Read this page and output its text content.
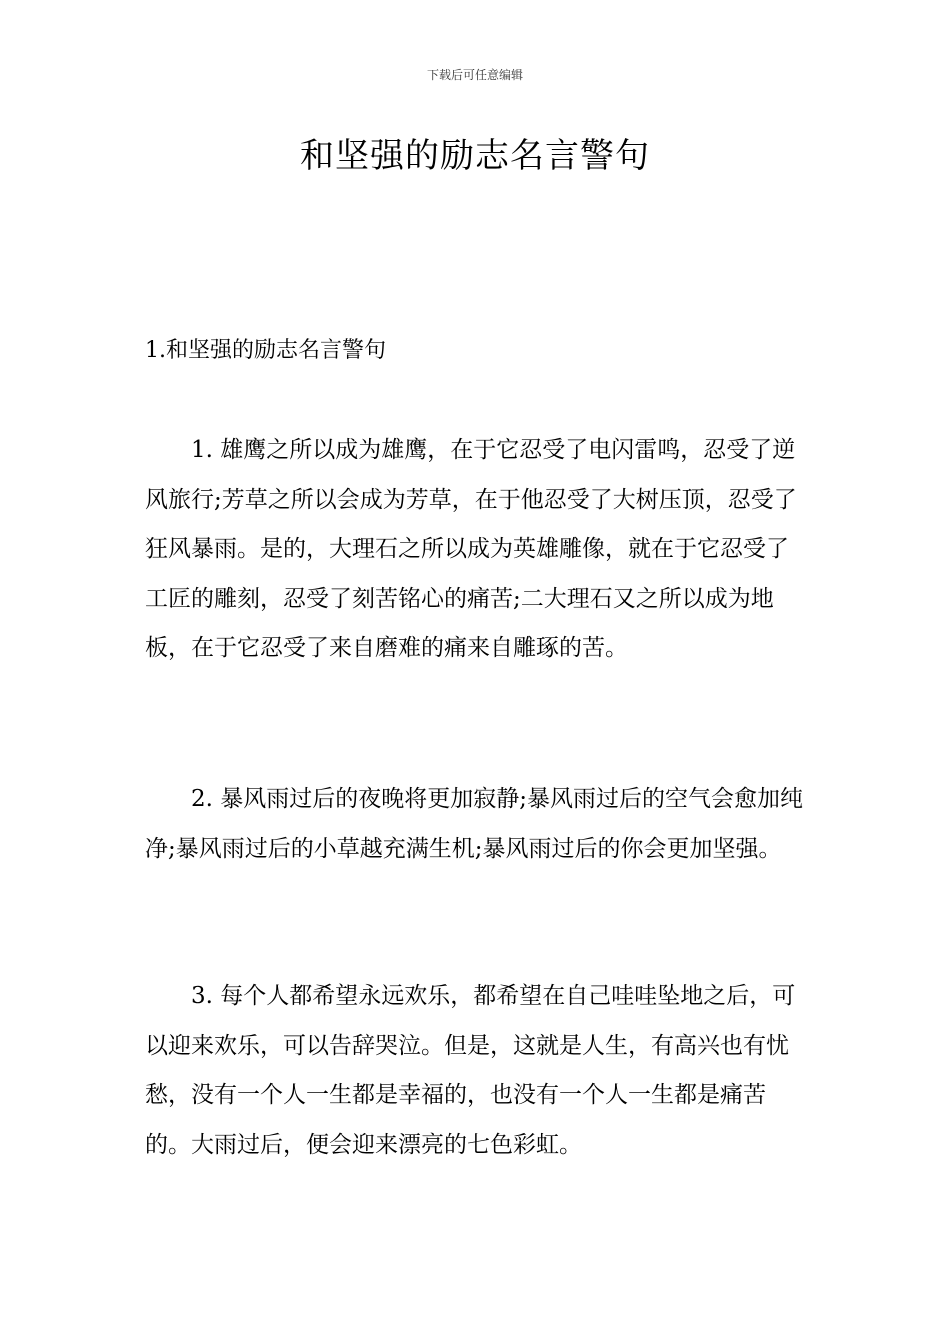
下载后可任意编辑
和坚强的励志名言警句
1.和坚强的励志名言警句

1. 雄鹰之所以成为雄鹰，在于它忍受了电闪雷鸣，忍受了逆风旅行;芳草之所以会成为芳草，在于他忍受了大树压顶，忍受了狂风暴雨。是的，大理石之所以成为英雄雕像，就在于它忍受了工匠的雕刻，忍受了刻苦铭心的痛苦;二大理石又之所以成为地板，在于它忍受了来自磨难的痛来自雕琢的苦。

2. 暴风雨过后的夜晚将更加寂静;暴风雨过后的空气会愈加纯净;暴风雨过后的小草越充满生机;暴风雨过后的你会更加坚强。

3. 每个人都希望永远欢乐，都希望在自己哇哇坠地之后，可以迎来欢乐，可以告辞哭泣。但是，这就是人生，有高兴也有忧愁，没有一个人一生都是幸福的，也没有一个人一生都是痛苦的。大雨过后，便会迎来漂亮的七色彩虹。
